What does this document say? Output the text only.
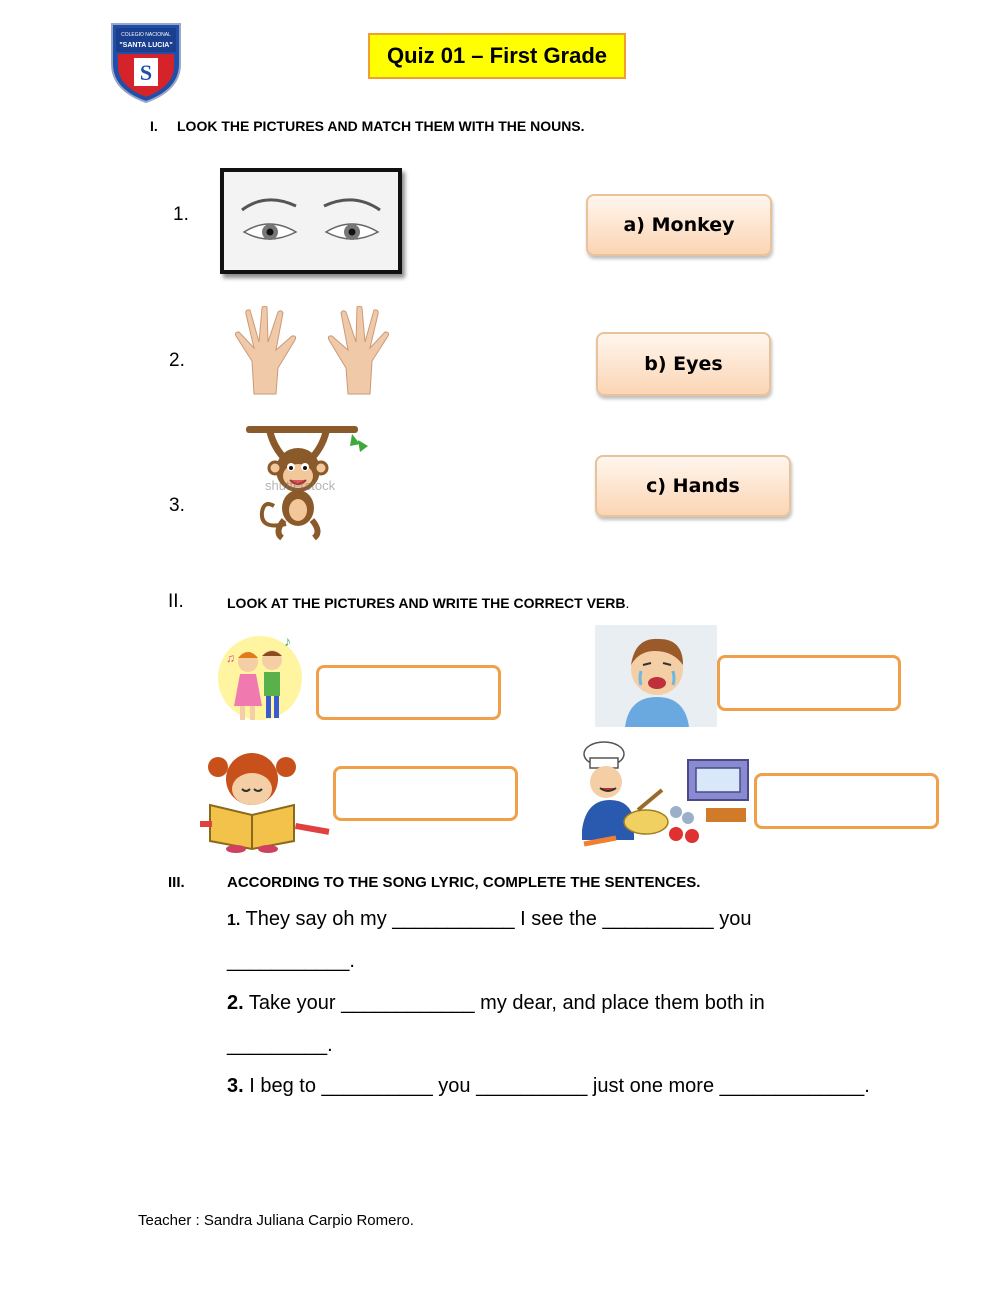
S
COLEGIO NACIONAL
"SANTA LUCIA"	Quiz 01 – First Grade
I. LOOK THE PICTURES AND MATCH THEM WITH THE NOUNS.
1.
2.
3.
shutterstock
a) Monkey
b) Eyes
c) Hands
II.	LOOK AT THE PICTURES AND WRITE THE CORRECT VERB.
♪
♫
III.	ACCORDING TO THE SONG LYRIC, COMPLETE THE SENTENCES.
1. They say oh my ___________ I see the __________ you
___________.
2. Take your ____________ my dear, and place them both in
_________.
3. I beg to __________ you __________ just one more _____________.
Teacher : Sandra Juliana Carpio Romero.
